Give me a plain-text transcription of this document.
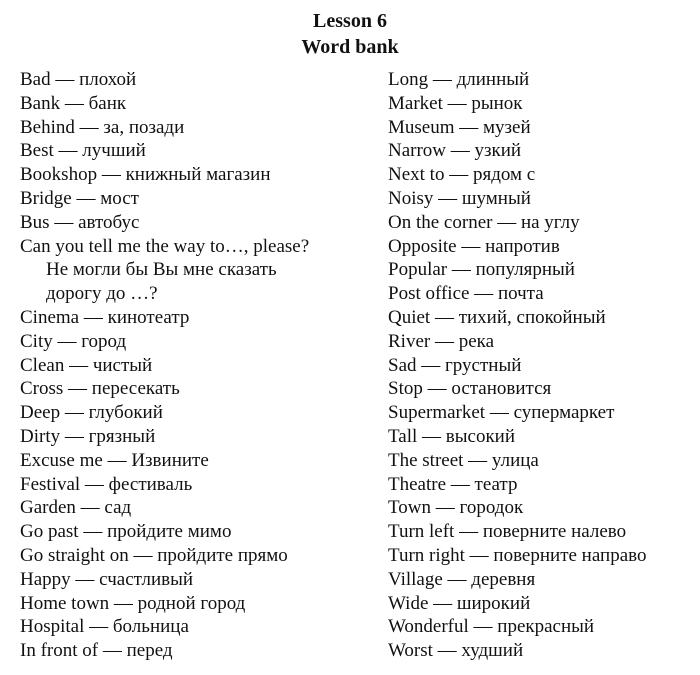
Lesson 6
Word bank
Bad — плохой
Bank — банк
Behind — за, позади
Best — лучший
Bookshop — книжный магазин
Bridge — мост
Bus — автобус
Can you tell me the way to…, please?
Не могли бы Вы мне сказать
дорогу до …?
Cinema — кинотеатр
City — город
Clean — чистый
Cross — пересекать
Deep — глубокий
Dirty — грязный
Excuse me — Извините
Festival — фестиваль
Garden — сад
Go past — пройдите мимо
Go straight on — пройдите прямо
Happy — счастливый
Home town — родной город
Hospital — больница
In front of — перед
Long — длинный
Market — рынок
Museum — музей
Narrow — узкий
Next to — рядом с
Noisy — шумный
On the corner — на углу
Opposite — напротив
Popular — популярный
Post office — почта
Quiet — тихий, спокойный
River — река
Sad — грустный
Stop — остановится
Supermarket — супермаркет
Tall — высокий
The street — улица
Theatre — театр
Town — городок
Turn left — поверните налево
Turn right — поверните направо
Village — деревня
Wide — широкий
Wonderful — прекрасный
Worst — худший
